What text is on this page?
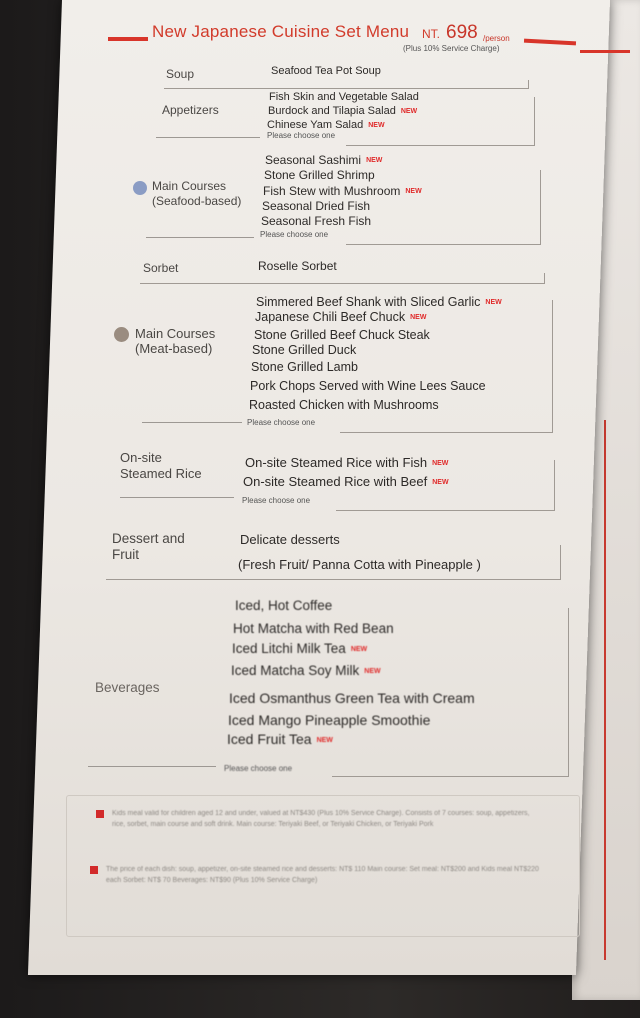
New Japanese Cuisine Set Menu NT. 698 /person
(Plus 10% Service Charge)
Soup	Seafood Tea Pot Soup
Appetizers
Fish Skin and Vegetable Salad
Burdock and Tilapia Salad NEW
Chinese Yam Salad NEW
Please choose one
Main Courses
(Seafood-based)
Seasonal Sashimi NEW
Stone Grilled Shrimp
Fish Stew with Mushroom NEW
Seasonal Dried Fish
Seasonal Fresh Fish
Please choose one
Sorbet	Roselle Sorbet
Main Courses
(Meat-based)
Simmered Beef Shank with Sliced Garlic NEW
Japanese Chili Beef Chuck NEW
Stone Grilled Beef Chuck Steak
Stone Grilled Duck
Stone Grilled Lamb
Pork Chops Served with Wine Lees Sauce
Roasted Chicken with Mushrooms
Please choose one
On-site
Steamed Rice
On-site Steamed Rice with Fish NEW
On-site Steamed Rice with Beef NEW
Please choose one
Dessert and
Fruit
Delicate desserts
(Fresh Fruit/ Panna Cotta with Pineapple )
Beverages
Iced, Hot Coffee
Hot Matcha with Red Bean
Iced Litchi Milk Tea NEW
Iced Matcha Soy Milk NEW
Iced Osmanthus Green Tea with Cream
Iced Mango Pineapple Smoothie
Iced Fruit Tea NEW
Please choose one
Kids meal valid for children aged 12 and under, valued at NT$430 (Plus 10% Service Charge). Consists of 7 courses: soup, appetizers, rice, sorbet, main course and soft drink. Main course: Teriyaki Beef, or Teriyaki Chicken, or Teriyaki Pork
The price of each dish: soup, appetizer, on-site steamed rice and desserts: NT$ 110 Main course: Set meal: NT$200 and Kids meal NT$220 each Sorbet: NT$ 70 Beverages: NT$90 (Plus 10% Service Charge)
